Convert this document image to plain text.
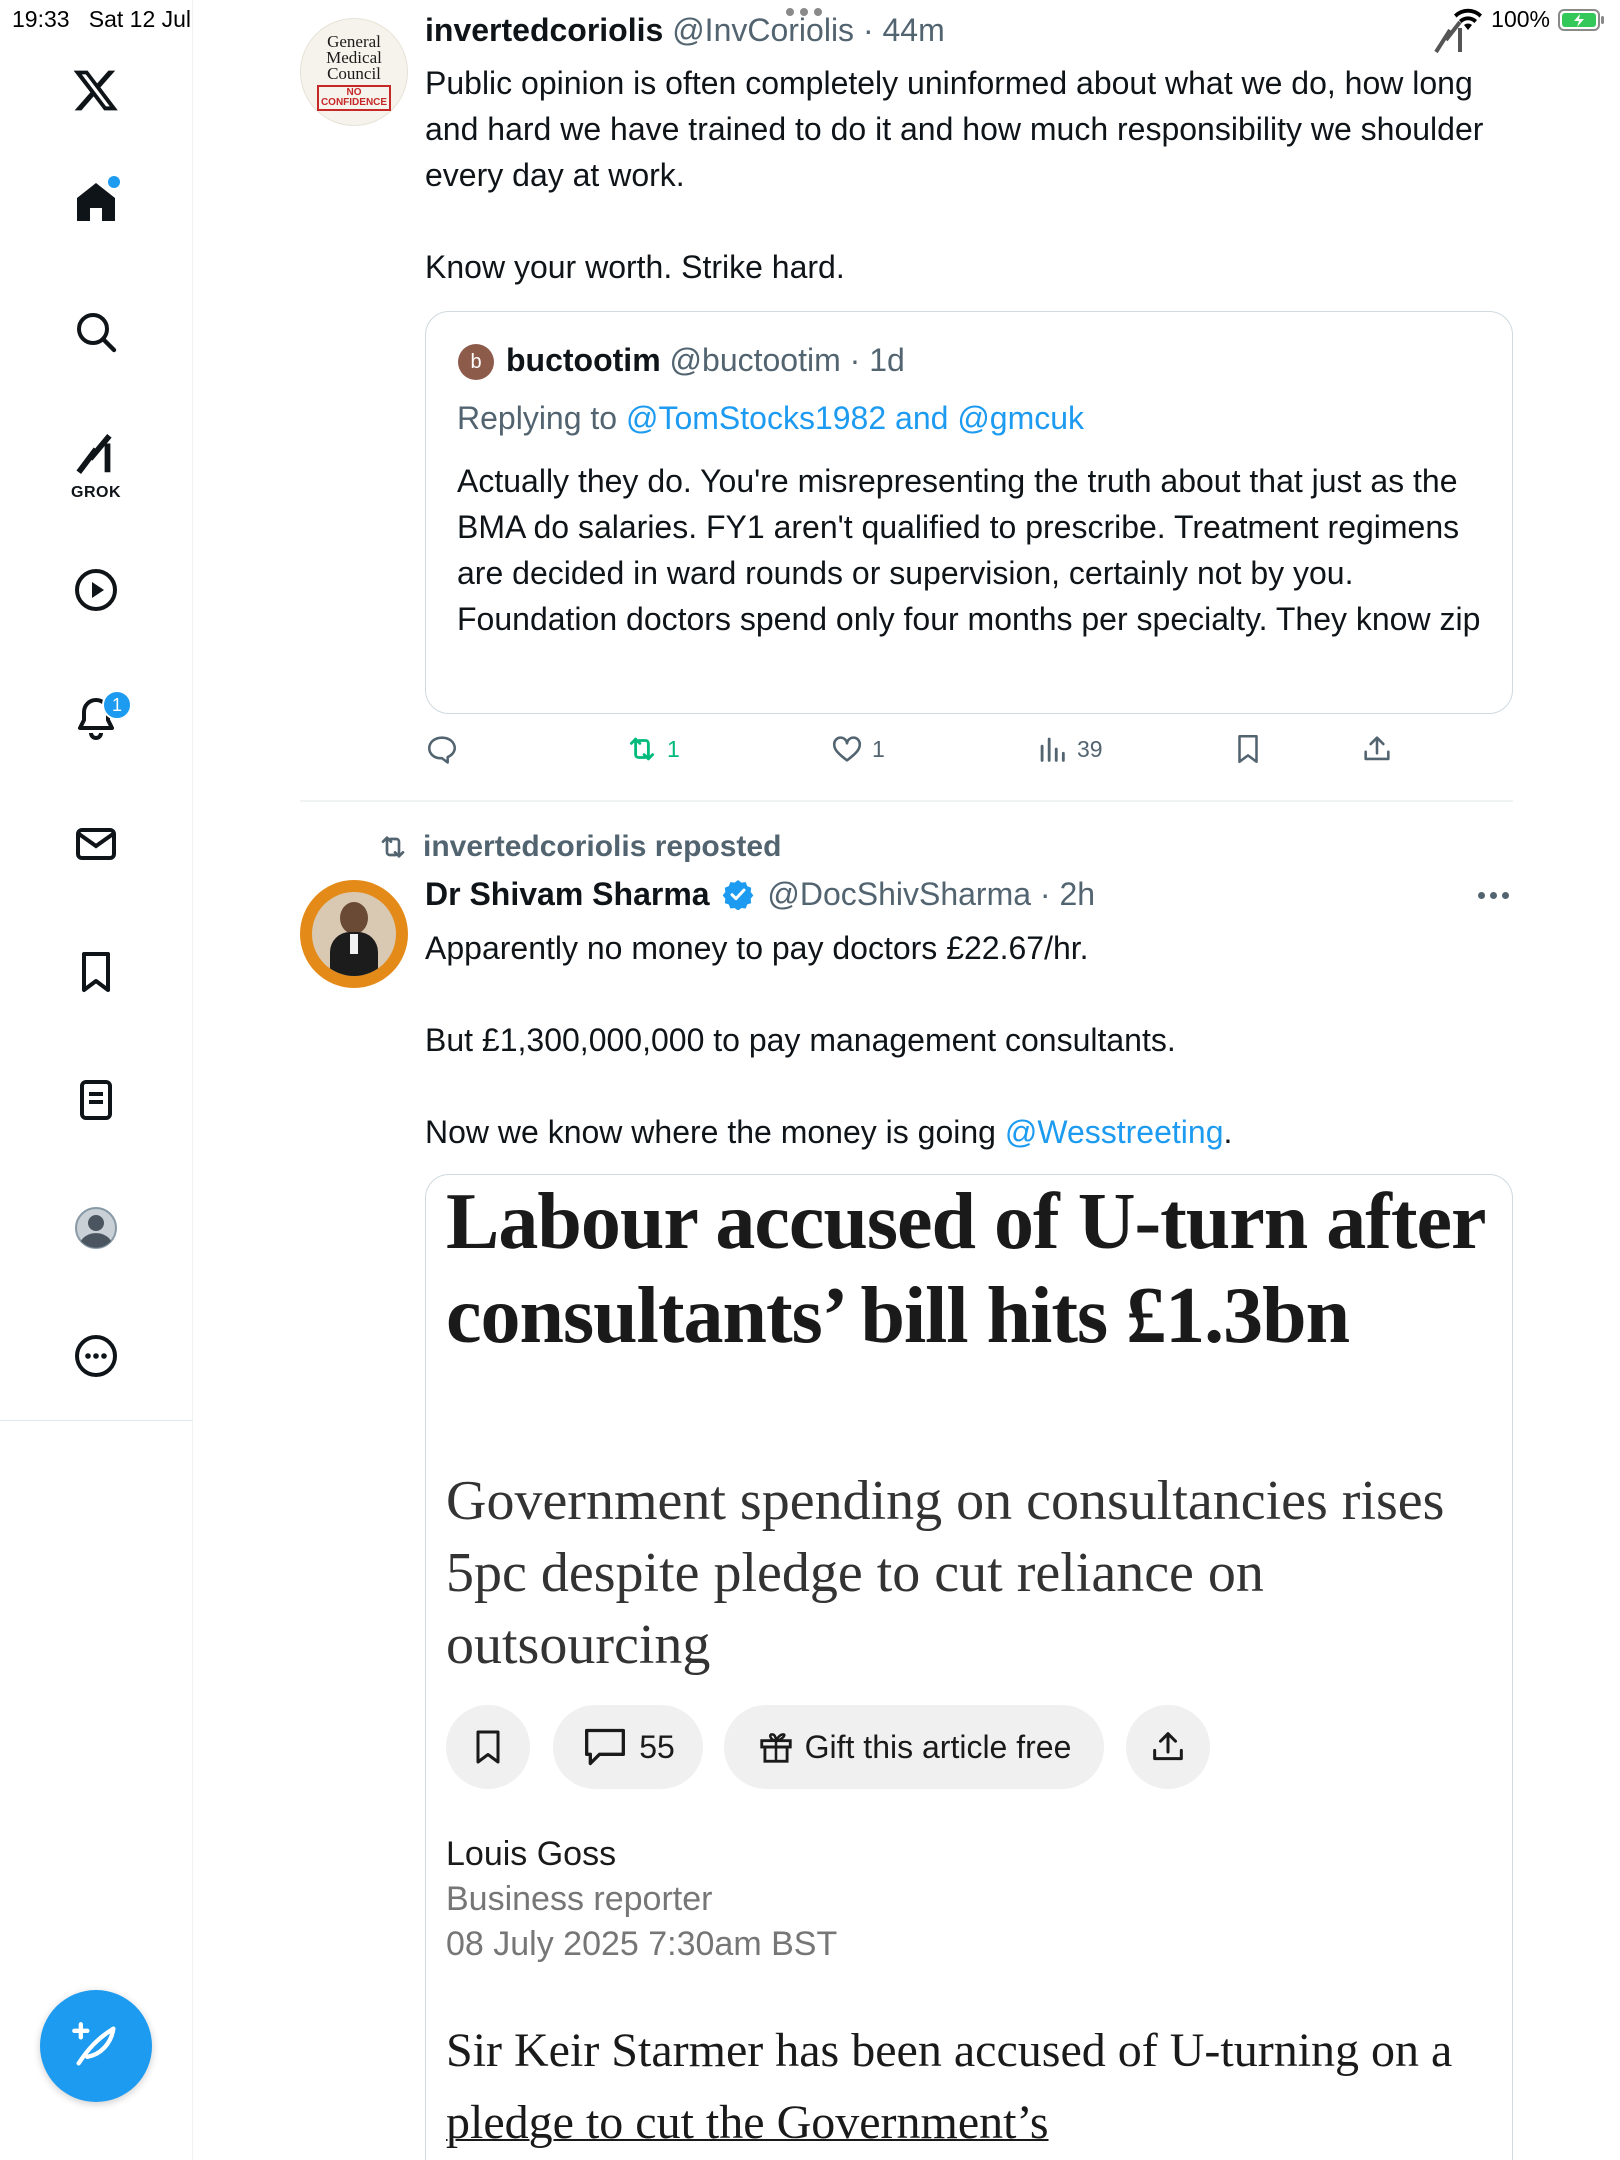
19:33 Sat 12 Jul	100%
GROK
1
General
Medical
Council
NO
CONFIDENCE
invertedcoriolis @InvCoriolis · 44m
Public opinion is often completely uninformed about what we do, how long and hard we have trained to do it and how much responsibility we shoulder every day at work.
Know your worth. Strike hard.
b buctootim @buctootim · 1d
Replying to @TomStocks1982 and @gmcuk
Actually they do. You're misrepresenting the truth about that just as the BMA do salaries. FY1 aren't qualified to prescribe. Treatment regimens are decided in ward rounds or supervision, certainly not by you. Foundation doctors spend only four months per specialty. They know zip
1	1	39
invertedcoriolis reposted
Dr Shivam Sharma @DocShivSharma · 2h
Apparently no money to pay doctors £22.67/hr.
But £1,300,000,000 to pay management consultants.
Now we know where the money is going @Wesstreeting.
Labour accused of U-turn after consultants’ bill hits £1.3bn
Government spending on consultancies rises 5pc despite pledge to cut reliance on outsourcing
55	Gift this article free
Louis Goss
Business reporter
08 July 2025 7:30am BST
Sir Keir Starmer has been accused of U-turning on a pledge to cut the Government’s
